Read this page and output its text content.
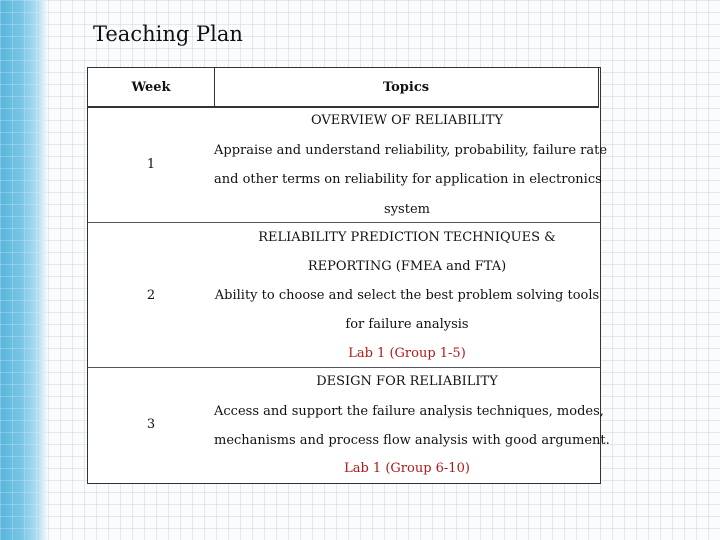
Teaching Plan
Week	Topics
1
OVERVIEW OF RELIABILITY
Appraise and understand reliability, probability, failure rate
and other terms on reliability for application in electronics
system
2
RELIABILITY PREDICTION TECHNIQUES &
REPORTING (FMEA and FTA)
Ability to choose and select the best problem solving tools
for failure analysis
Lab 1 (Group 1-5)
3
DESIGN FOR RELIABILITY
Access and support the failure analysis techniques, modes,
mechanisms and process flow analysis with good argument.
Lab 1 (Group 6-10)
